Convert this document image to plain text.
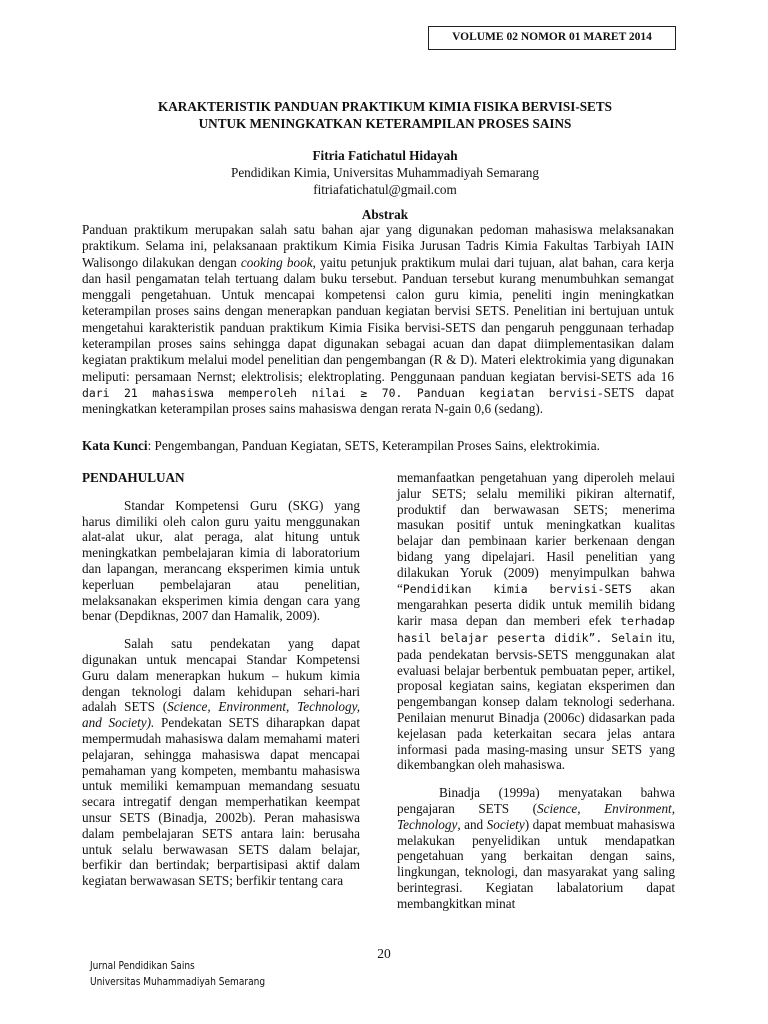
VOLUME 02 NOMOR 01 MARET 2014
KARAKTERISTIK PANDUAN PRAKTIKUM KIMIA FISIKA BERVISI-SETS
UNTUK MENINGKATKAN KETERAMPILAN PROSES SAINS
Fitria Fatichatul Hidayah
Pendidikan Kimia, Universitas Muhammadiyah Semarang
fitriafatichatul@gmail.com
Abstrak

Panduan praktikum merupakan salah satu bahan ajar yang digunakan pedoman mahasiswa melaksanakan praktikum. Selama ini, pelaksanaan praktikum Kimia Fisika Jurusan Tadris Kimia Fakultas Tarbiyah IAIN Walisongo dilakukan dengan cooking book, yaitu petunjuk praktikum mulai dari tujuan, alat bahan, cara kerja dan hasil pengamatan telah tertuang dalam buku tersebut. Panduan tersebut kurang menumbuhkan semangat menggali pengetahuan. Untuk mencapai kompetensi calon guru kimia, peneliti ingin meningkatkan keterampilan proses sains dengan menerapkan panduan kegiatan bervisi SETS. Penelitian ini bertujuan untuk mengetahui karakteristik panduan praktikum Kimia Fisika bervisi-SETS dan pengaruh penggunaan terhadap keterampilan proses sains sehingga dapat digunakan sebagai acuan dan dapat diimplementasikan dalam kegiatan praktikum melalui model penelitian dan pengembangan (R & D). Materi elektrokimia yang digunakan meliputi: persamaan Nernst; elektrolisis; elektroplating. Penggunaan panduan kegiatan bervisi-SETS ada 16 dari 21 mahasiswa memperoleh nilai ≥ 70. Panduan kegiatan bervisi-SETS dapat meningkatkan keterampilan proses sains mahasiswa dengan rerata N-gain 0,6 (sedang).

Kata Kunci: Pengembangan, Panduan Kegiatan, SETS, Keterampilan Proses Sains, elektrokimia.

PENDAHULUAN

Standar Kompetensi Guru (SKG) yang harus dimiliki oleh calon guru yaitu menggunakan alat-alat ukur, alat peraga, alat hitung untuk meningkatkan pembelajaran kimia di laboratorium dan lapangan, merancang eksperimen kimia untuk keperluan pembelajaran atau penelitian, melaksanakan eksperimen kimia dengan cara yang benar (Depdiknas, 2007 dan Hamalik, 2009).

Salah satu pendekatan yang dapat digunakan untuk mencapai Standar Kompetensi Guru dalam menerapkan hukum – hukum kimia dengan teknologi dalam kehidupan sehari-hari adalah SETS (Science, Environment, Technology, and Society). Pendekatan SETS diharapkan dapat mempermudah mahasiswa dalam memahami materi pelajaran, sehingga mahasiswa dapat mencapai pemahaman yang kompeten, membantu mahasiswa untuk memiliki kemampuan memandang sesuatu secara intregatif dengan memperhatikan keempat unsur SETS (Binadja, 2002b). Peran mahasiswa dalam pembelajaran SETS antara lain: berusaha untuk selalu berwawasan SETS dalam belajar, berfikir dan bertindak; berpartisipasi aktif dalam kegiatan berwawasan SETS; berfikir tentang cara

memanfaatkan pengetahuan yang diperoleh melaui jalur SETS; selalu memiliki pikiran alternatif, produktif dan berwawasan SETS; menerima masukan positif untuk meningkatkan kualitas belajar dan pembinaan karier berkenaan dengan bidang yang dipelajari. Hasil penelitian yang dilakukan Yoruk (2009) menyimpulkan bahwa “Pendidikan kimia bervisi-SETS akan mengarahkan peserta didik untuk memilih bidang karir masa depan dan memberi efek terhadap hasil belajar peserta didik”. Selain itu, pada pendekatan bervsis-SETS menggunakan alat evaluasi belajar berbentuk pembuatan peper, artikel, proposal kegiatan sains, kegiatan eksperimen dan pengembangan konsep dalam teknologi sederhana. Penilaian menurut Binadja (2006c) didasarkan pada kejelasan pada keterkaitan secara jelas antara informasi pada masing-masing unsur SETS yang dikembangkan oleh mahasiswa.

Binadja (1999a) menyatakan bahwa pengajaran SETS (Science, Environment, Technology, and Society) dapat membuat mahasiswa melakukan penyelidikan untuk mendapatkan pengetahuan yang berkaitan dengan sains, lingkungan, teknologi, dan masyarakat yang saling berintegrasi. Kegiatan labalatorium dapat membangkitkan minat

20
Jurnal Pendidikan Sains
Universitas Muhammadiyah Semarang
